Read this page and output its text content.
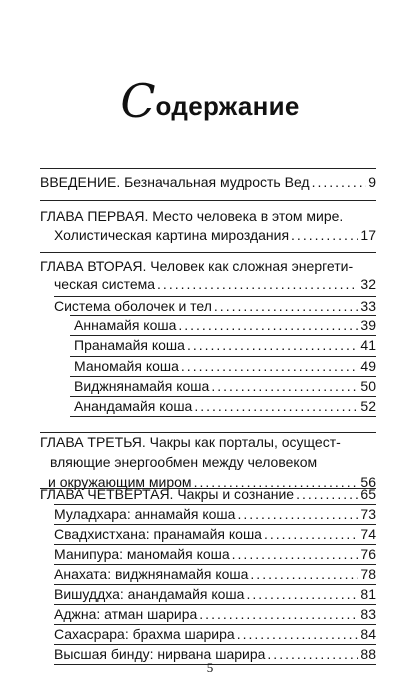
Содержание
ВВЕДЕНИЕ. Безначальная мудрость Вед .....	9
ГЛАВА ПЕРВАЯ. Место человека в этом мире.
Холистическая картина мироздания .....	17
ГЛАВА ВТОРАЯ. Человек как сложная энергети-
ческая система .....	32
Система оболочек и тел .....	33
Аннамайя коша .....	39
Пранамайя коша .....	41
Маномайя коша .....	49
Виджнянамайя коша .....	50
Анандамайя коша .....	52
ГЛАВА ТРЕТЬЯ. Чакры как порталы, осущест-
вляющие энергообмен между человеком
и окружающим миром .....	56
ГЛАВА ЧЕТВЕРТАЯ. Чакры и сознание .....	65
Муладхара: аннамайя коша .....	73
Свадхистхана: пранамайя коша .....	74
Манипура: маномайя коша .....	76
Анахата: виджнянамайя коша .....	78
Вишуддха: анандамайя коша .....	81
Аджна: атман шарира .....	83
Сахасрара: брахма шарира .....	84
Высшая бинду: нирвана шарира .....	88
5
